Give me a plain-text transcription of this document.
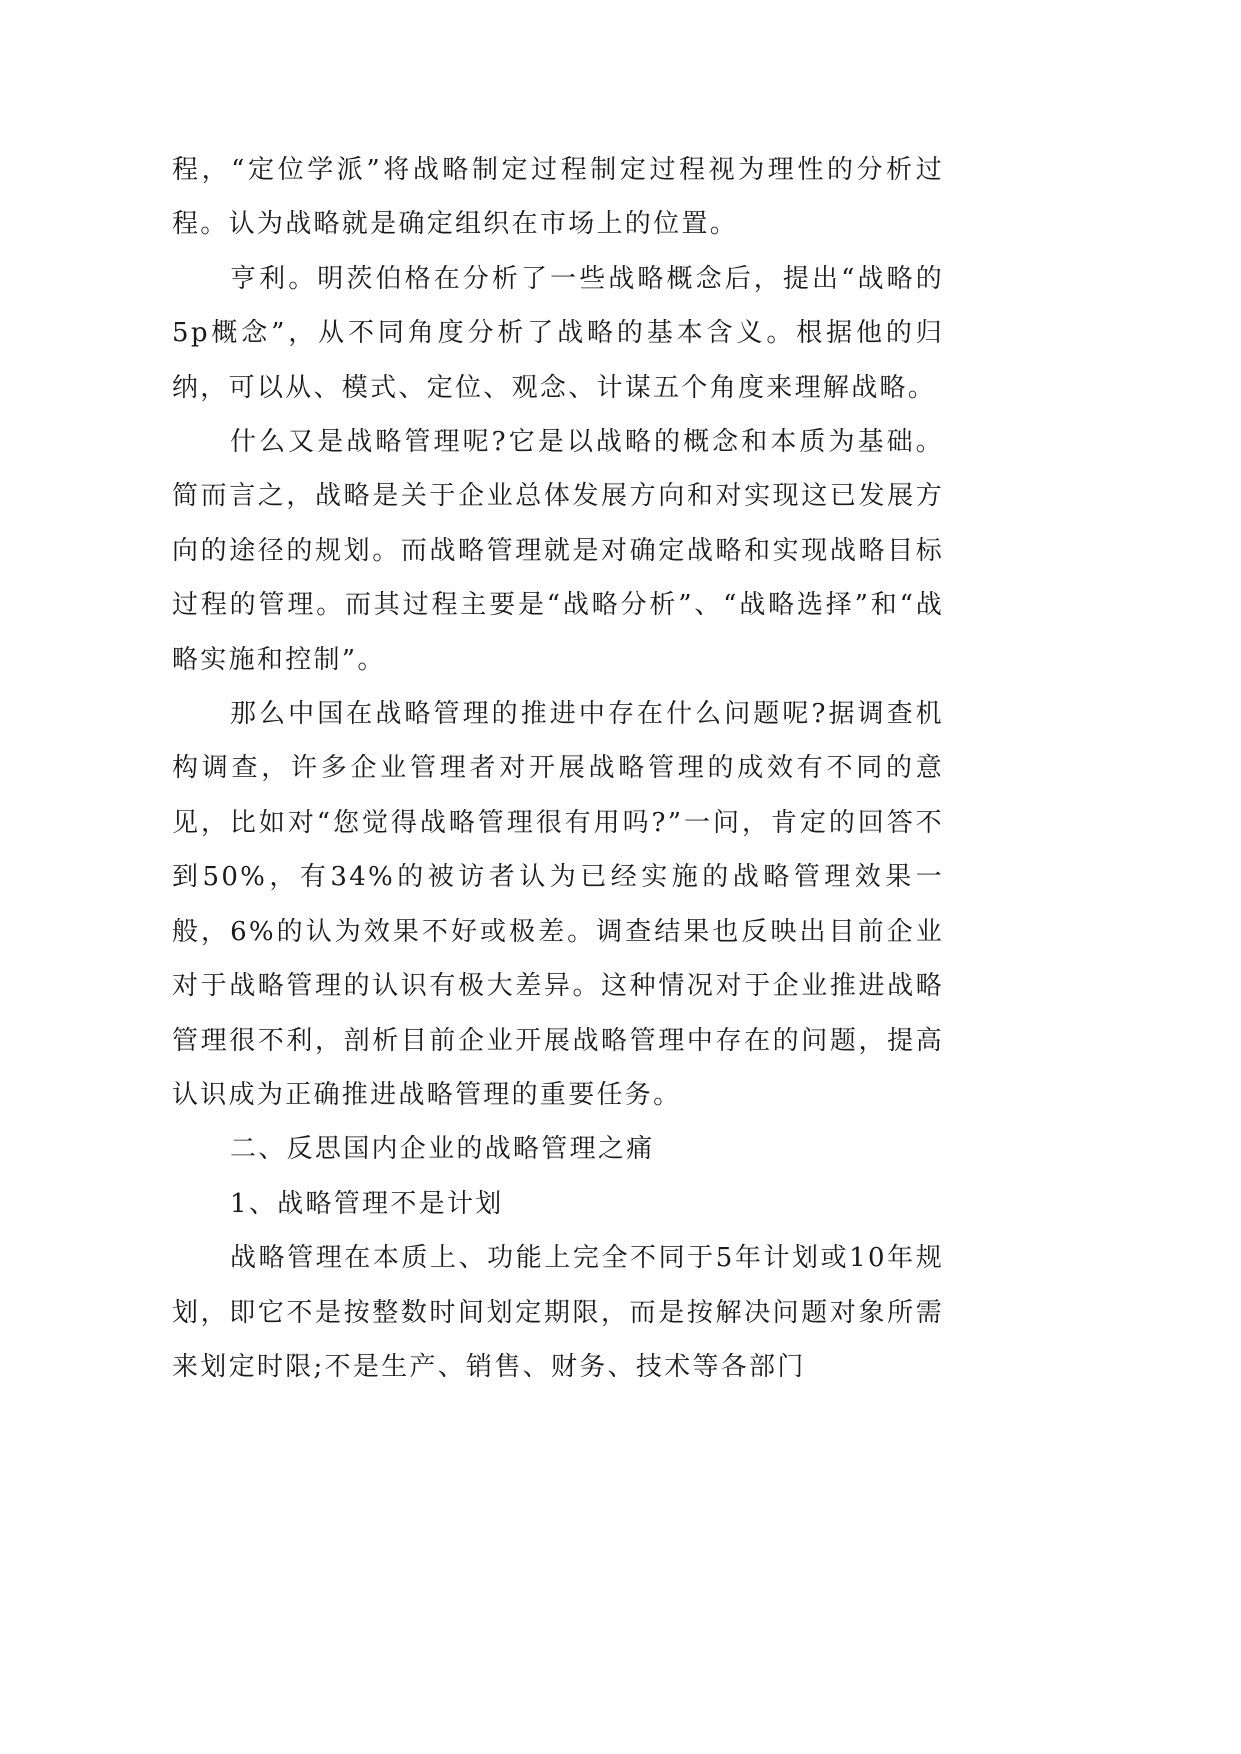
程，“定位学派”将战略制定过程制定过程视为理性的分析过程。认为战略就是确定组织在市场上的位置。

亨利。明茨伯格在分析了一些战略概念后，提出“战略的5p概念”，从不同角度分析了战略的基本含义。根据他的归纳，可以从、模式、定位、观念、计谋五个角度来理解战略。

什么又是战略管理呢?它是以战略的概念和本质为基础。简而言之，战略是关于企业总体发展方向和对实现这已发展方向的途径的规划。而战略管理就是对确定战略和实现战略目标过程的管理。而其过程主要是“战略分析”、“战略选择”和“战略实施和控制”。

那么中国在战略管理的推进中存在什么问题呢?据调查机构调查，许多企业管理者对开展战略管理的成效有不同的意见，比如对“您觉得战略管理很有用吗?”一问，肯定的回答不到50%，有34%的被访者认为已经实施的战略管理效果一般，6%的认为效果不好或极差。调查结果也反映出目前企业对于战略管理的认识有极大差异。这种情况对于企业推进战略管理很不利，剖析目前企业开展战略管理中存在的问题，提高认识成为正确推进战略管理的重要任务。

二、反思国内企业的战略管理之痛

1、战略管理不是计划

战略管理在本质上、功能上完全不同于5年计划或10年规划，即它不是按整数时间划定期限，而是按解决问题对象所需来划定时限;不是生产、销售、财务、技术等各部门
